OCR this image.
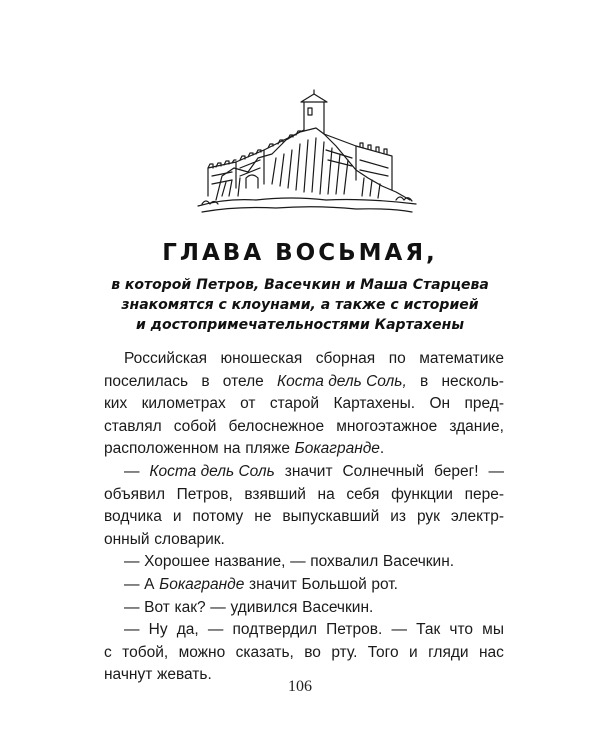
ГЛАВА ВОСЬМАЯ,
в которой Петров, Васечкин и Маша Старцева
знакомятся с клоунами, а также с историей
и достопримечательностями Картахены
Российская юношеская сборная по математике
поселилась в отеле Коста дель Соль, в несколь-
ких километрах от старой Картахены. Он пред-
ставлял собой белоснежное многоэтажное здание,
расположенном на пляже Бокагранде.
— Коста дель Соль значит Солнечный берег! —
объявил Петров, взявший на себя функции пере-
водчика и потому не выпускавший из рук электр-
онный словарик.
— Хорошее название, — похвалил Васечкин.
— А Бокагранде значит Большой рот.
— Вот как? — удивился Васечкин.
— Ну да, — подтвердил Петров. — Так что мы
с тобой, можно сказать, во рту. Того и гляди нас
начнут жевать.
106
